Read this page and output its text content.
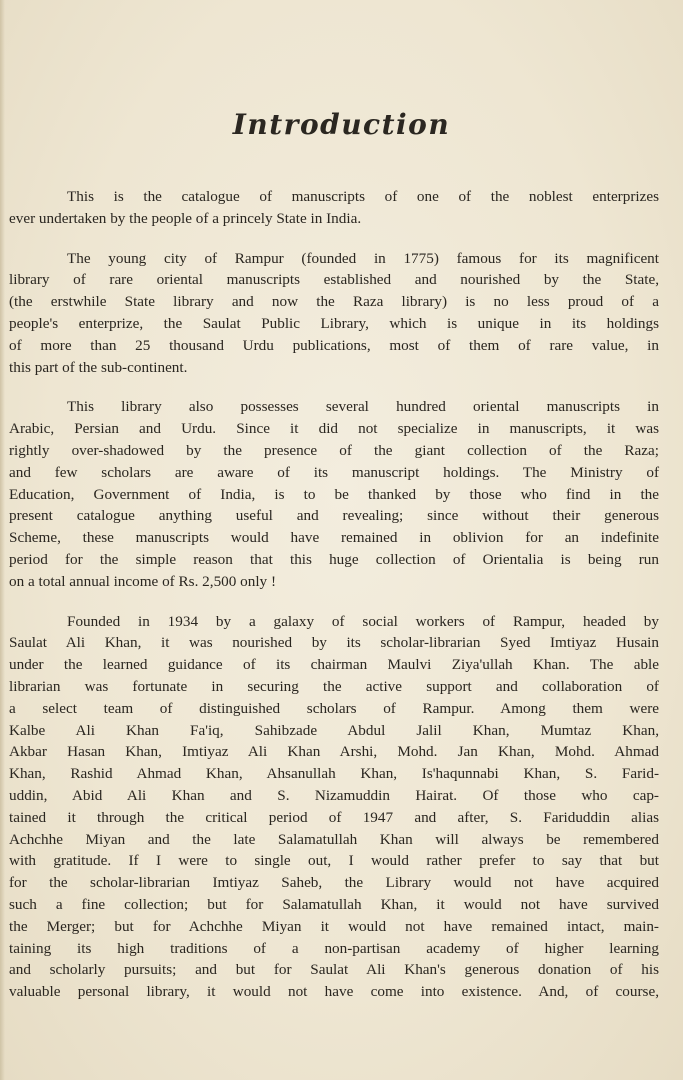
Introduction

This is the catalogue of manuscripts of one of the noblest enterprizes
ever undertaken by the people of a princely State in India.

The young city of Rampur (founded in 1775) famous for its magnificent
library of rare oriental manuscripts established and nourished by the State,
(the erstwhile State library and now the Raza library) is no less proud of a
people's enterprize, the Saulat Public Library, which is unique in its holdings
of more than 25 thousand Urdu publications, most of them of rare value, in
this part of the sub-continent.

This library also possesses several hundred oriental manuscripts in
Arabic, Persian and Urdu. Since it did not specialize in manuscripts, it was
rightly over-shadowed by the presence of the giant collection of the Raza;
and few scholars are aware of its manuscript holdings. The Ministry of
Education, Government of India, is to be thanked by those who find in the
present catalogue anything useful and revealing; since without their generous
Scheme, these manuscripts would have remained in oblivion for an indefinite
period for the simple reason that this huge collection of Orientalia is being run
on a total annual income of Rs. 2,500 only !

Founded in 1934 by a galaxy of social workers of Rampur, headed by
Saulat Ali Khan, it was nourished by its scholar-librarian Syed Imtiyaz Husain
under the learned guidance of its chairman Maulvi Ziya'ullah Khan. The able
librarian was fortunate in securing the active support and collaboration of
a select team of distinguished scholars of Rampur. Among them were
Kalbe Ali Khan Fa'iq, Sahibzade Abdul Jalil Khan, Mumtaz Khan,
Akbar Hasan Khan, Imtiyaz Ali Khan Arshi, Mohd. Jan Khan, Mohd. Ahmad
Khan, Rashid Ahmad Khan, Ahsanullah Khan, Is'haqunnabi Khan, S. Farid-
uddin, Abid Ali Khan and S. Nizamuddin Hairat. Of those who cap-
tained it through the critical period of 1947 and after, S. Fariduddin alias
Achchhe Miyan and the late Salamatullah Khan will always be remembered
with gratitude. If I were to single out, I would rather prefer to say that but
for the scholar-librarian Imtiyaz Saheb, the Library would not have acquired
such a fine collection; but for Salamatullah Khan, it would not have survived
the Merger; but for Achchhe Miyan it would not have remained intact, main-
taining its high traditions of a non-partisan academy of higher learning
and scholarly pursuits; and but for Saulat Ali Khan's generous donation of his
valuable personal library, it would not have come into existence. And, of course,
